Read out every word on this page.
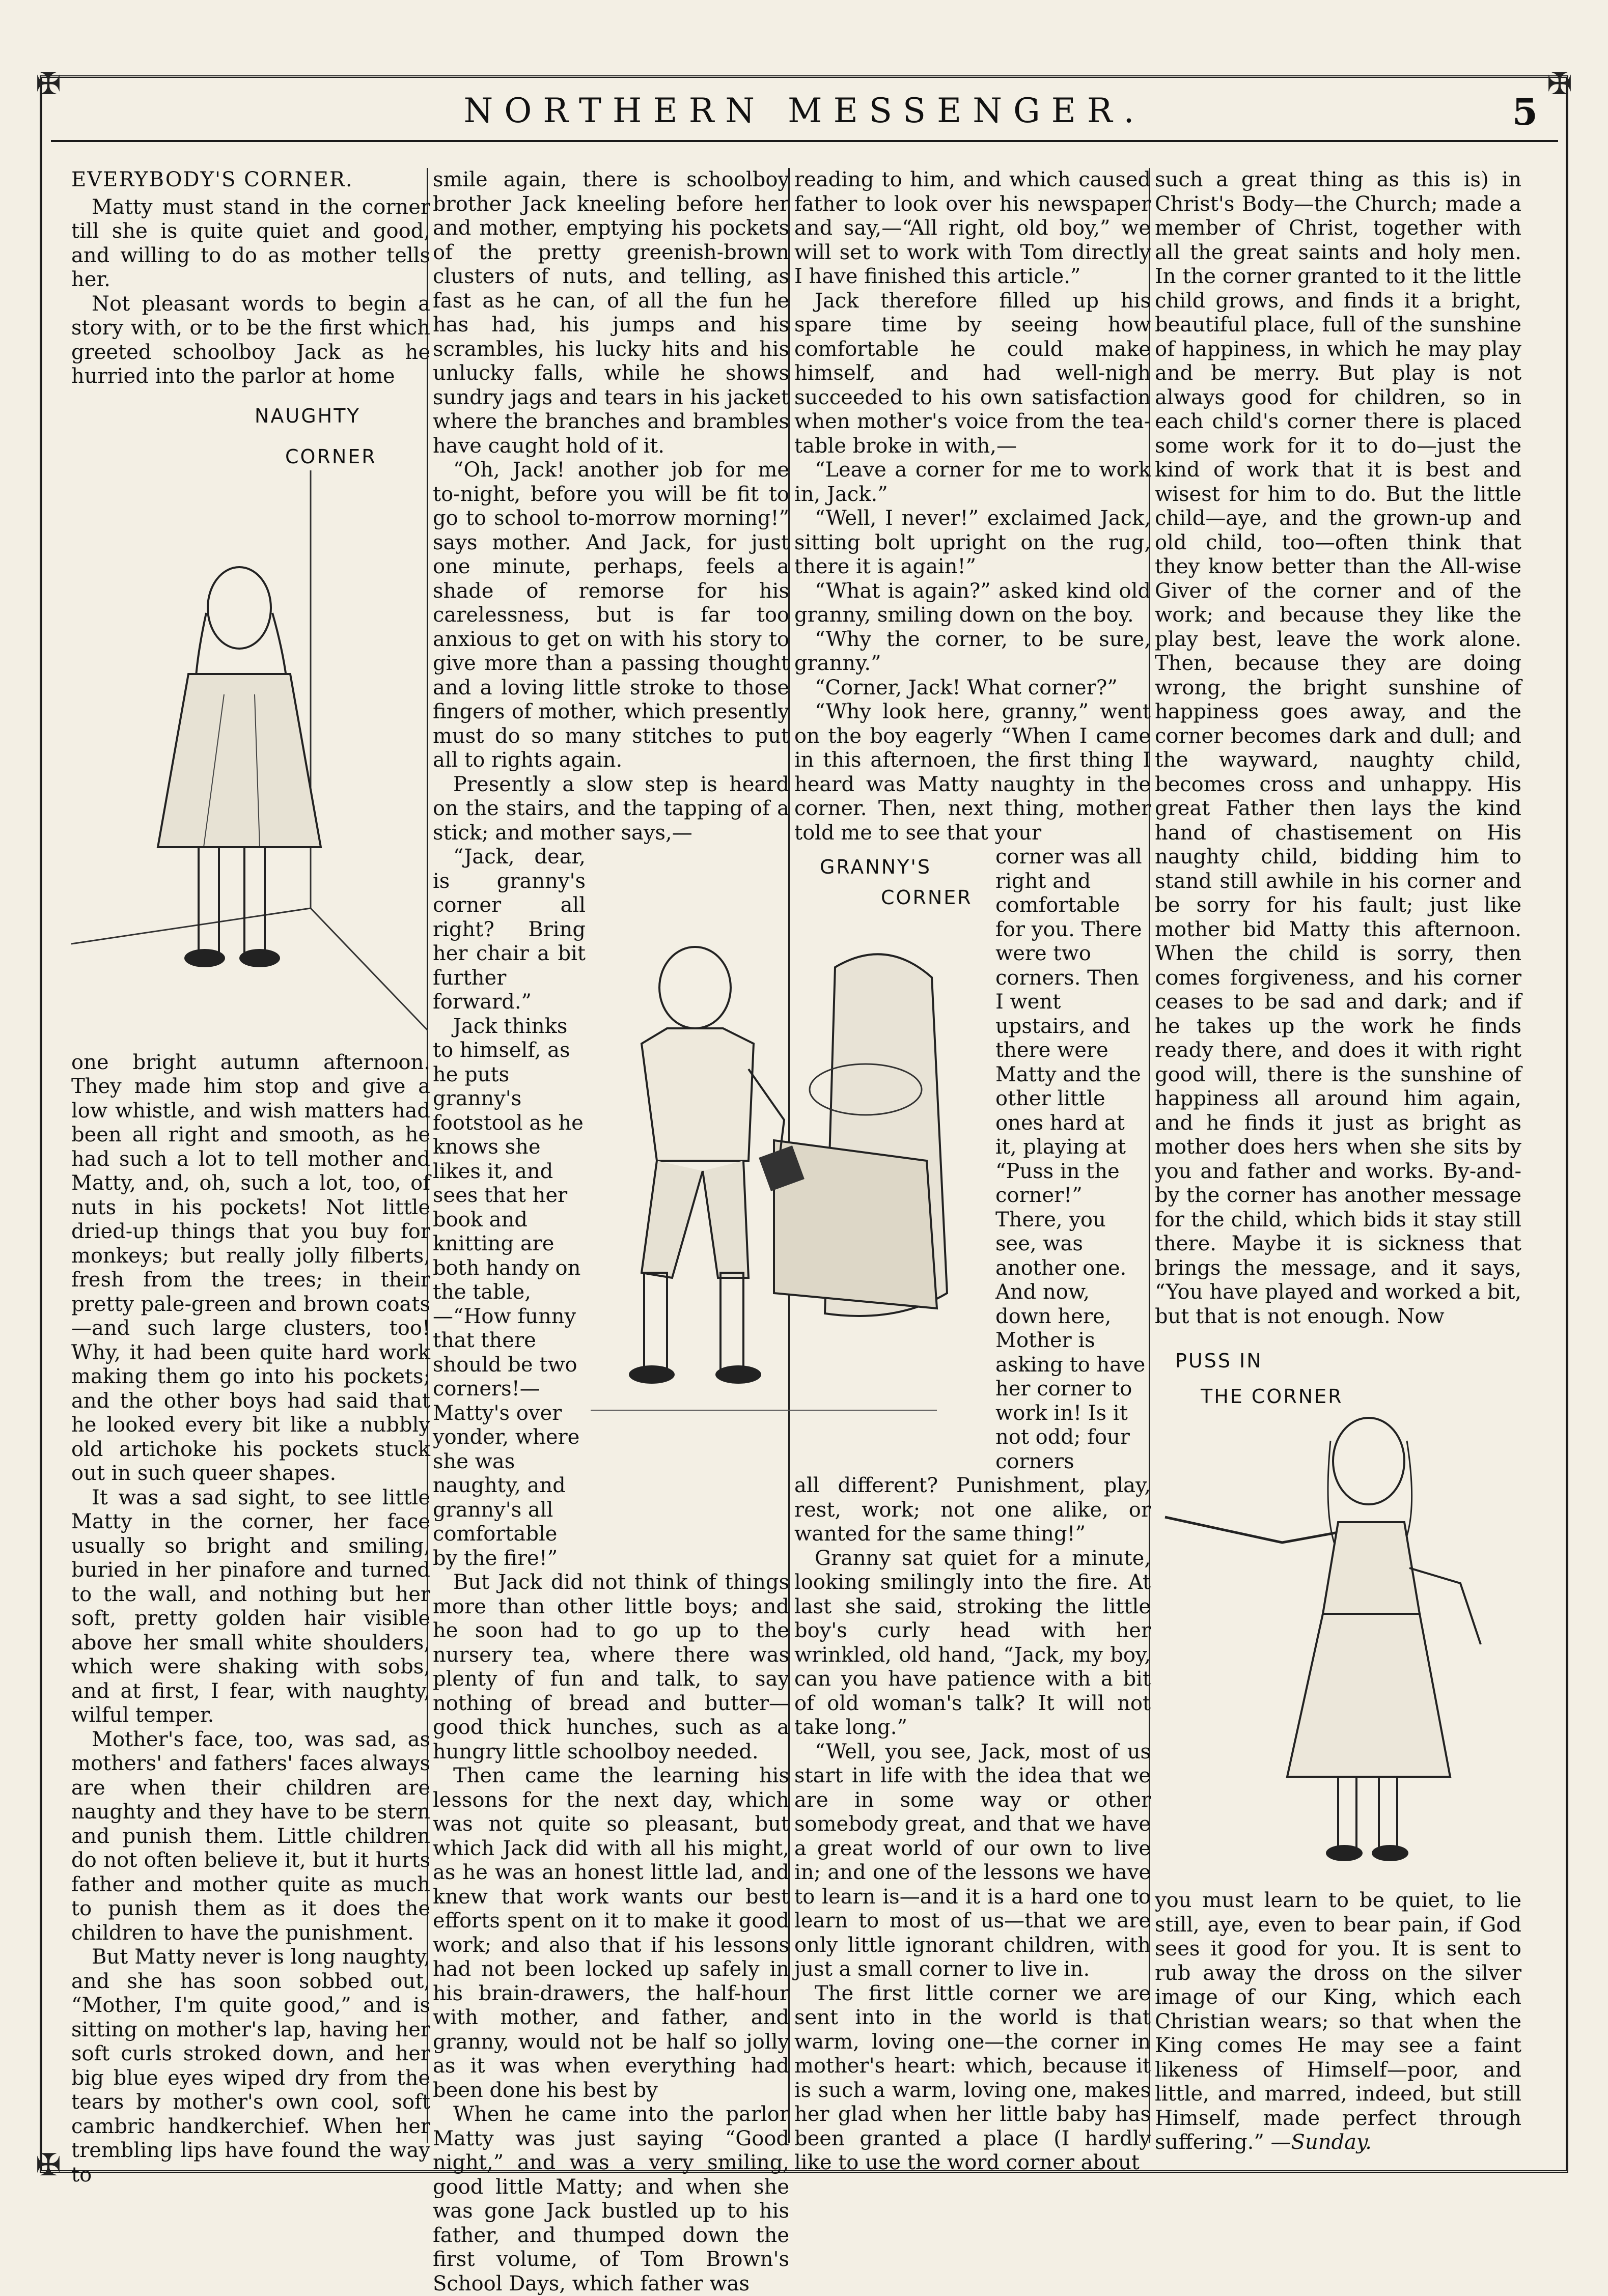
✠	✠
✠
NORTHERN MESSENGER.	5

EVERYBODY'S CORNER.

Matty must stand in the corner till she is quite quiet and good, and willing to do as mother tells her.

Not pleasant words to begin a story with, or to be the first which greeted schoolboy Jack as he hurried into the parlor at home

NAUGHTY
CORNER

one bright autumn afternoon. They made him stop and give a low whistle, and wish matters had been all right and smooth, as he had such a lot to tell mother and Matty, and, oh, such a lot, too, of nuts in his pockets! Not little dried-up things that you buy for monkeys; but really jolly filberts, fresh from the trees; in their pretty pale-green and brown coats—and such large clusters, too! Why, it had been quite hard work making them go into his pockets; and the other boys had said that he looked every bit like a nubbly old artichoke his pockets stuck out in such queer shapes.

It was a sad sight, to see little Matty in the corner, her face usually so bright and smiling, buried in her pinafore and turned to the wall, and nothing but her soft, pretty golden hair visible above her small white shoulders, which were shaking with sobs, and at first, I fear, with naughty, wilful temper.

Mother's face, too, was sad, as mothers' and fathers' faces always are when their children are naughty and they have to be stern and punish them. Little children do not often believe it, but it hurts father and mother quite as much to punish them as it does the children to have the punishment.

But Matty never is long naughty, and she has soon sobbed out, “Mother, I'm quite good,” and is sitting on mother's lap, having her soft curls stroked down, and her big blue eyes wiped dry from the tears by mother's own cool, soft cambric handkerchief. When her trembling lips have found the way to

smile again, there is schoolboy brother Jack kneeling before her and mother, emptying his pockets of the pretty greenish-brown clusters of nuts, and telling, as fast as he can, of all the fun he has had, his jumps and his scrambles, his lucky hits and his unlucky falls, while he shows sundry jags and tears in his jacket where the branches and brambles have caught hold of it.

“Oh, Jack! another job for me to-night, before you will be fit to go to school to-morrow morning!” says mother. And Jack, for just one minute, perhaps, feels a shade of remorse for his carelessness, but is far too anxious to get on with his story to give more than a passing thought and a loving little stroke to those fingers of mother, which presently must do so many stitches to put all to rights again.

Presently a slow step is heard on the stairs, and the tapping of a stick; and mother says,—

“Jack, dear, is granny's corner all right? Bring her chair a bit further forward.”

Jack thinks to himself, as he puts granny's footstool as he knows she likes it, and sees that her book and knitting are both handy on the table,—“How funny that there should be two corners!—Matty's over yonder, where she was naughty, and granny's all comfortable by the fire!”

But Jack did not think of things more than other little boys; and he soon had to go up to the nursery tea, where there was plenty of fun and talk, to say nothing of bread and butter—good thick hunches, such as a hungry little schoolboy needed.

Then came the learning his lessons for the next day, which was not quite so pleasant, but which Jack did with all his might, as he was an honest little lad, and knew that work wants our best efforts spent on it to make it good work; and also that if his lessons had not been locked up safely in his brain-drawers, the half-hour with mother, and father, and granny, would not be half so jolly as it was when everything had been done his best by

When he came into the parlor Matty was just saying “Good night,” and was a very smiling, good little Matty; and when she was gone Jack bustled up to his father, and thumped down the first volume, of Tom Brown's School Days, which father was

reading to him, and which caused father to look over his newspaper and say,—“All right, old boy,” we will set to work with Tom directly I have finished this article.”

Jack therefore filled up his spare time by seeing how comfortable he could make himself, and had well-nigh succeeded to his own satisfaction when mother's voice from the tea-table broke in with,—

“Leave a corner for me to work in, Jack.”

“Well, I never!” exclaimed Jack, sitting bolt upright on the rug, there it is again!”

“What is again?” asked kind old granny, smiling down on the boy.

“Why the corner, to be sure, granny.”

“Corner, Jack! What corner?”

“Why look here, granny,” went on the boy eagerly “When I came in this afternoen, the first thing I heard was Matty naughty in the corner. Then, next thing, mother told me to see that your

GRANNY'S
CORNER

corner was all right and comfortable for you. There were two corners. Then I went upstairs, and there were Matty and the other little ones hard at it, playing at “Puss in the corner!” There, you see, was another one. And now, down here, Mother is asking to have her corner to work in! Is it not odd; four corners

all different? Punishment, play, rest, work; not one alike, or wanted for the same thing!”

Granny sat quiet for a minute, looking smilingly into the fire. At last she said, stroking the little boy's curly head with her wrinkled, old hand, “Jack, my boy, can you have patience with a bit of old woman's talk? It will not take long.”

“Well, you see, Jack, most of us start in life with the idea that we are in some way or other somebody great, and that we have a great world of our own to live in; and one of the lessons we have to learn is—and it is a hard one to learn to most of us—that we are only little ignorant children, with just a small corner to live in.

The first little corner we are sent into in the world is that warm, loving one—the corner in mother's heart: which, because it is such a warm, loving one, makes her glad when her little baby has been granted a place (I hardly like to use the word corner about

such a great thing as this is) in Christ's Body—the Church; made a member of Christ, together with all the great saints and holy men. In the corner granted to it the little child grows, and finds it a bright, beautiful place, full of the sunshine of happiness, in which he may play and be merry. But play is not always good for children, so in each child's corner there is placed some work for it to do—just the kind of work that it is best and wisest for him to do. But the little child—aye, and the grown-up and old child, too—often think that they know better than the All-wise Giver of the corner and of the work; and because they like the play best, leave the work alone. Then, because they are doing wrong, the bright sunshine of happiness goes away, and the corner becomes dark and dull; and the wayward, naughty child, becomes cross and unhappy. His great Father then lays the kind hand of chastisement on His naughty child, bidding him to stand still awhile in his corner and be sorry for his fault; just like mother bid Matty this afternoon. When the child is sorry, then comes forgiveness, and his corner ceases to be sad and dark; and if he takes up the work he finds ready there, and does it with right good will, there is the sunshine of happiness all around him again, and he finds it just as bright as mother does hers when she sits by you and father and works. By-and-by the corner has another message for the child, which bids it stay still there. Maybe it is sickness that brings the message, and it says, “You have played and worked a bit, but that is not enough. Now

PUSS IN
THE CORNER

you must learn to be quiet, to lie still, aye, even to bear pain, if God sees it good for you. It is sent to rub away the dross on the silver image of our King, which each Christian wears; so that when the King comes He may see a faint likeness of Himself—poor, and little, and marred, indeed, but still Himself, made perfect through suffering.” —Sunday.
